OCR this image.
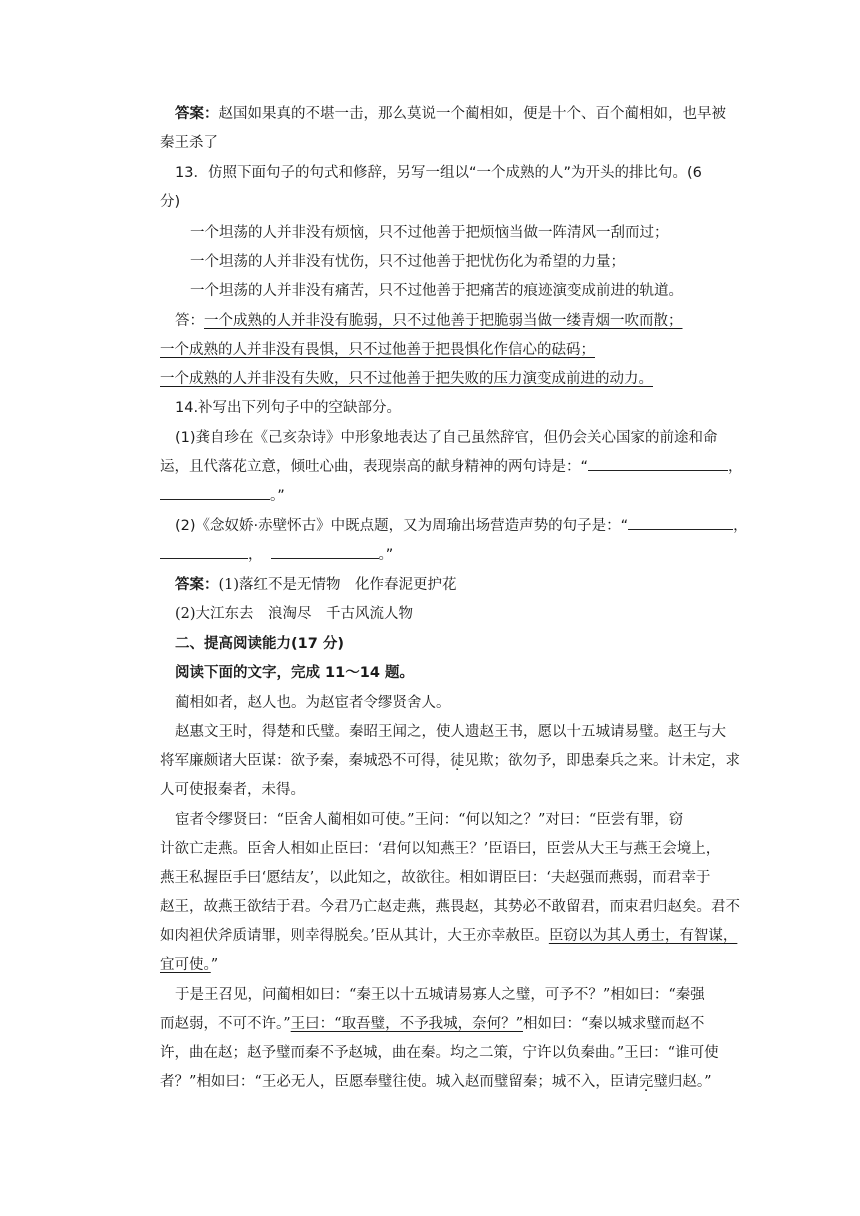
答案：赵国如果真的不堪一击，那么莫说一个蔺相如，便是十个、百个蔺相如，也早被
秦王杀了
13．仿照下面句子的句式和修辞，另写一组以“一个成熟的人”为开头的排比句。(6
分)
一个坦荡的人并非没有烦恼，只不过他善于把烦恼当做一阵清风一刮而过；
一个坦荡的人并非没有忧伤，只不过他善于把忧伤化为希望的力量；
一个坦荡的人并非没有痛苦，只不过他善于把痛苦的痕迹演变成前进的轨道。
答：一个成熟的人并非没有脆弱，只不过他善于把脆弱当做一缕青烟一吹而散；
一个成熟的人并非没有畏惧，只不过他善于把畏惧化作信心的砝码；
一个成熟的人并非没有失败，只不过他善于把失败的压力演变成前进的动力。
14.补写出下列句子中的空缺部分。
(1)龚自珍在《己亥杂诗》中形象地表达了自己虽然辞官，但仍会关心国家的前途和命
运，且代落花立意，倾吐心曲，表现崇高的献身精神的两句诗是：“	，
。”
(2)《念奴娇·赤壁怀古》中既点题，又为周瑜出场营造声势的句子是：“	，
，	。”
答案：(1)落红不是无情物　化作春泥更护花
(2)大江东去　浪淘尽　千古风流人物
二、提高阅读能力(17 分)
阅读下面的文字，完成 11～14 题。
蔺相如者，赵人也。为赵宦者令缪贤舍人。
赵惠文王时，得楚和氏璧。秦昭王闻之，使人遗赵王书，愿以十五城请易璧。赵王与大
将军廉颇诸大臣谋：欲予秦，秦城恐不可得，徒见欺；欲勿予，即患秦兵之来。计未定，求
人可使报秦者，未得。
宦者令缪贤曰：“臣舍人蔺相如可使。”王问：“何以知之？”对曰：“臣尝有罪，窃
计欲亡走燕。臣舍人相如止臣曰：‘君何以知燕王？’臣语曰，臣尝从大王与燕王会境上，
燕王私握臣手曰‘愿结友’，以此知之，故欲往。相如谓臣曰：‘夫赵强而燕弱，而君幸于
赵王，故燕王欲结于君。今君乃亡赵走燕，燕畏赵，其势必不敢留君，而束君归赵矣。君不
如肉袒伏斧质请罪，则幸得脱矣。’臣从其计，大王亦幸赦臣。臣窃以为其人勇士，有智谋，
宜可使。”
于是王召见，问蔺相如曰：“秦王以十五城请易寡人之璧，可予不？”相如曰：“秦强
而赵弱，不可不许。”王曰：“取吾璧，不予我城，奈何？”相如曰：“秦以城求璧而赵不
许，曲在赵；赵予璧而秦不予赵城，曲在秦。均之二策，宁许以负秦曲。”王曰：“谁可使
者？”相如曰：“王必无人，臣愿奉璧往使。城入赵而璧留秦；城不入，臣请完璧归赵。”
